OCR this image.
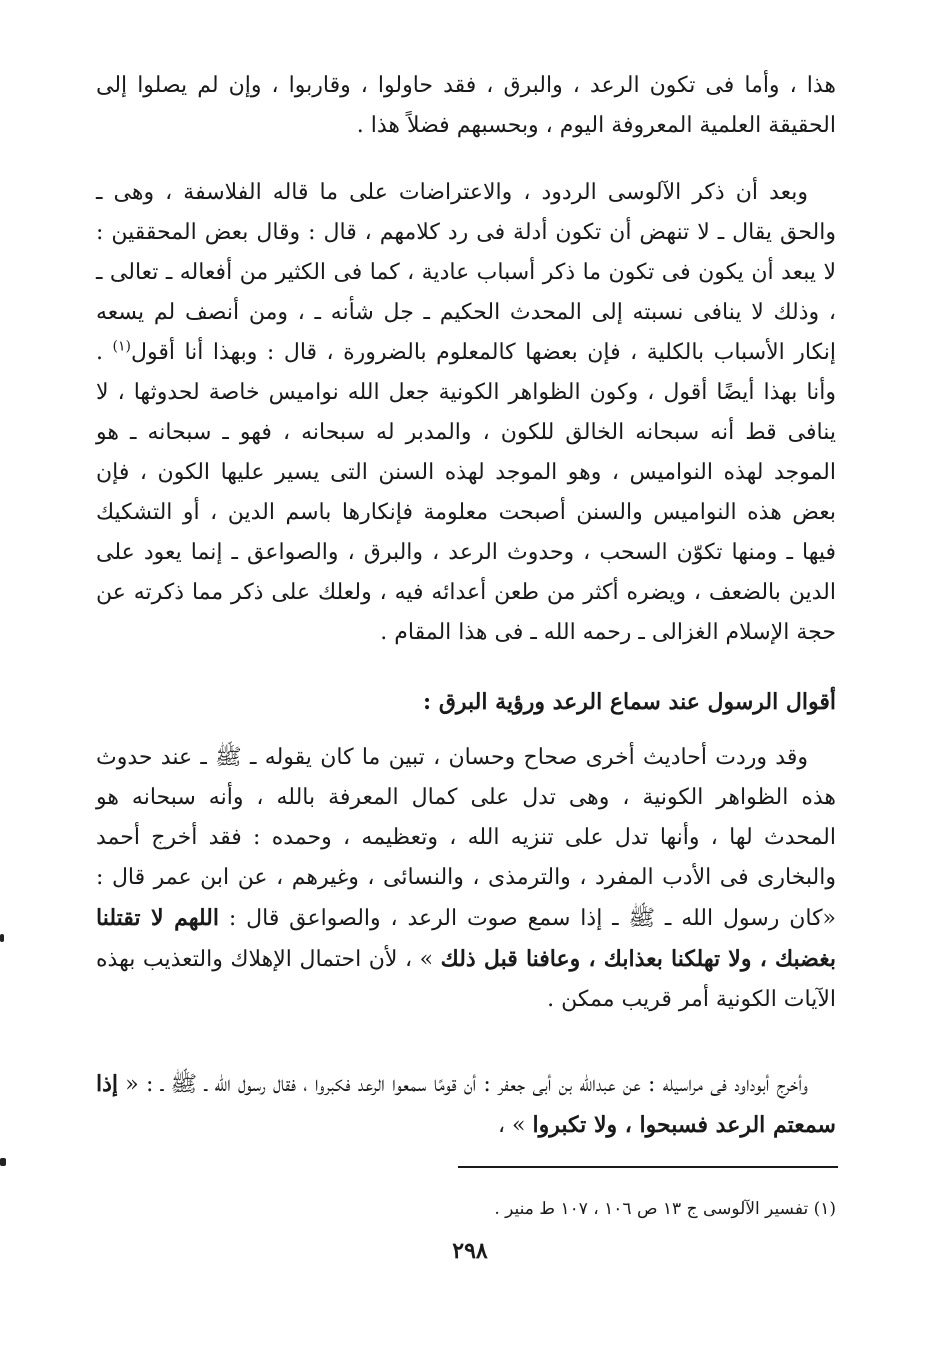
هذا ، وأما فى تكون الرعد ، والبرق ، فقد حاولوا ، وقاربوا ، وإن لم يصلوا إلى الحقيقة العلمية المعروفة اليوم ، وبحسبهم فضلاً هذا .

وبعد أن ذكر الآلوسى الردود ، والاعتراضات على ما قاله الفلاسفة ، وهى ـ والحق يقال ـ لا تنهض أن تكون أدلة فى رد كلامهم ، قال : وقال بعض المحققين : لا يبعد أن يكون فى تكون ما ذكر أسباب عادية ، كما فى الكثير من أفعاله ـ تعالى ـ ، وذلك لا ينافى نسبته إلى المحدث الحكيم ـ جل شأنه ـ ، ومن أنصف لم يسعه إنكار الأسباب بالكلية ، فإن بعضها كالمعلوم بالضرورة ، قال : وبهذا أنا أقول$^{(١)}$ . وأنا بهذا أيضًا أقول ، وكون الظواهر الكونية جعل الله نواميس خاصة لحدوثها ، لا ينافى قط أنه سبحانه الخالق للكون ، والمدبر له سبحانه ، فهو ـ سبحانه ـ هو الموجد لهذه النواميس ، وهو الموجد لهذه السنن التى يسير عليها الكون ، فإن بعض هذه النواميس والسنن أصبحت معلومة فإنكارها باسم الدين ، أو التشكيك فيها ـ ومنها تكوّن السحب ، وحدوث الرعد ، والبرق ، والصواعق ـ إنما يعود على الدين بالضعف ، ويضره أكثر من طعن أعدائه فيه ، ولعلك على ذكر مما ذكرته عن حجة الإسلام الغزالى ـ رحمه الله ـ فى هذا المقام .

أقوال الرسول عند سماع الرعد ورؤية البرق :

وقد وردت أحاديث أخرى صحاح وحسان ، تبين ما كان يقوله ـ ﷺ ـ عند حدوث هذه الظواهر الكونية ، وهى تدل على كمال المعرفة بالله ، وأنه سبحانه هو المحدث لها ، وأنها تدل على تنزيه الله ، وتعظيمه ، وحمده : فقد أخرج أحمد والبخارى فى الأدب المفرد ، والترمذى ، والنسائى ، وغيرهم ، عن ابن عمر قال : «كان رسول الله ـ ﷺ ـ إذا سمع صوت الرعد ، والصواعق قال : اللهم لا تقتلنا بغضبك ، ولا تهلكنا بعذابك ، وعافنا قبل ذلك » ، لأن احتمال الإهلاك والتعذيب بهذه الآيات الكونية أمر قريب ممكن .

وأخرج أبوداود فى مراسيله : عن عبدالله بن أبى جعفر : أن قومًا سمعوا الرعد فكبروا ، فقال رسول الله ـ ﷺ ـ : « إذا سمعتم الرعد فسبحوا ، ولا تكبروا » ،

(١) تفسير الآلوسى ج ١٣ ص ١٠٦ ، ١٠٧ ط منير .

٢٩٨
